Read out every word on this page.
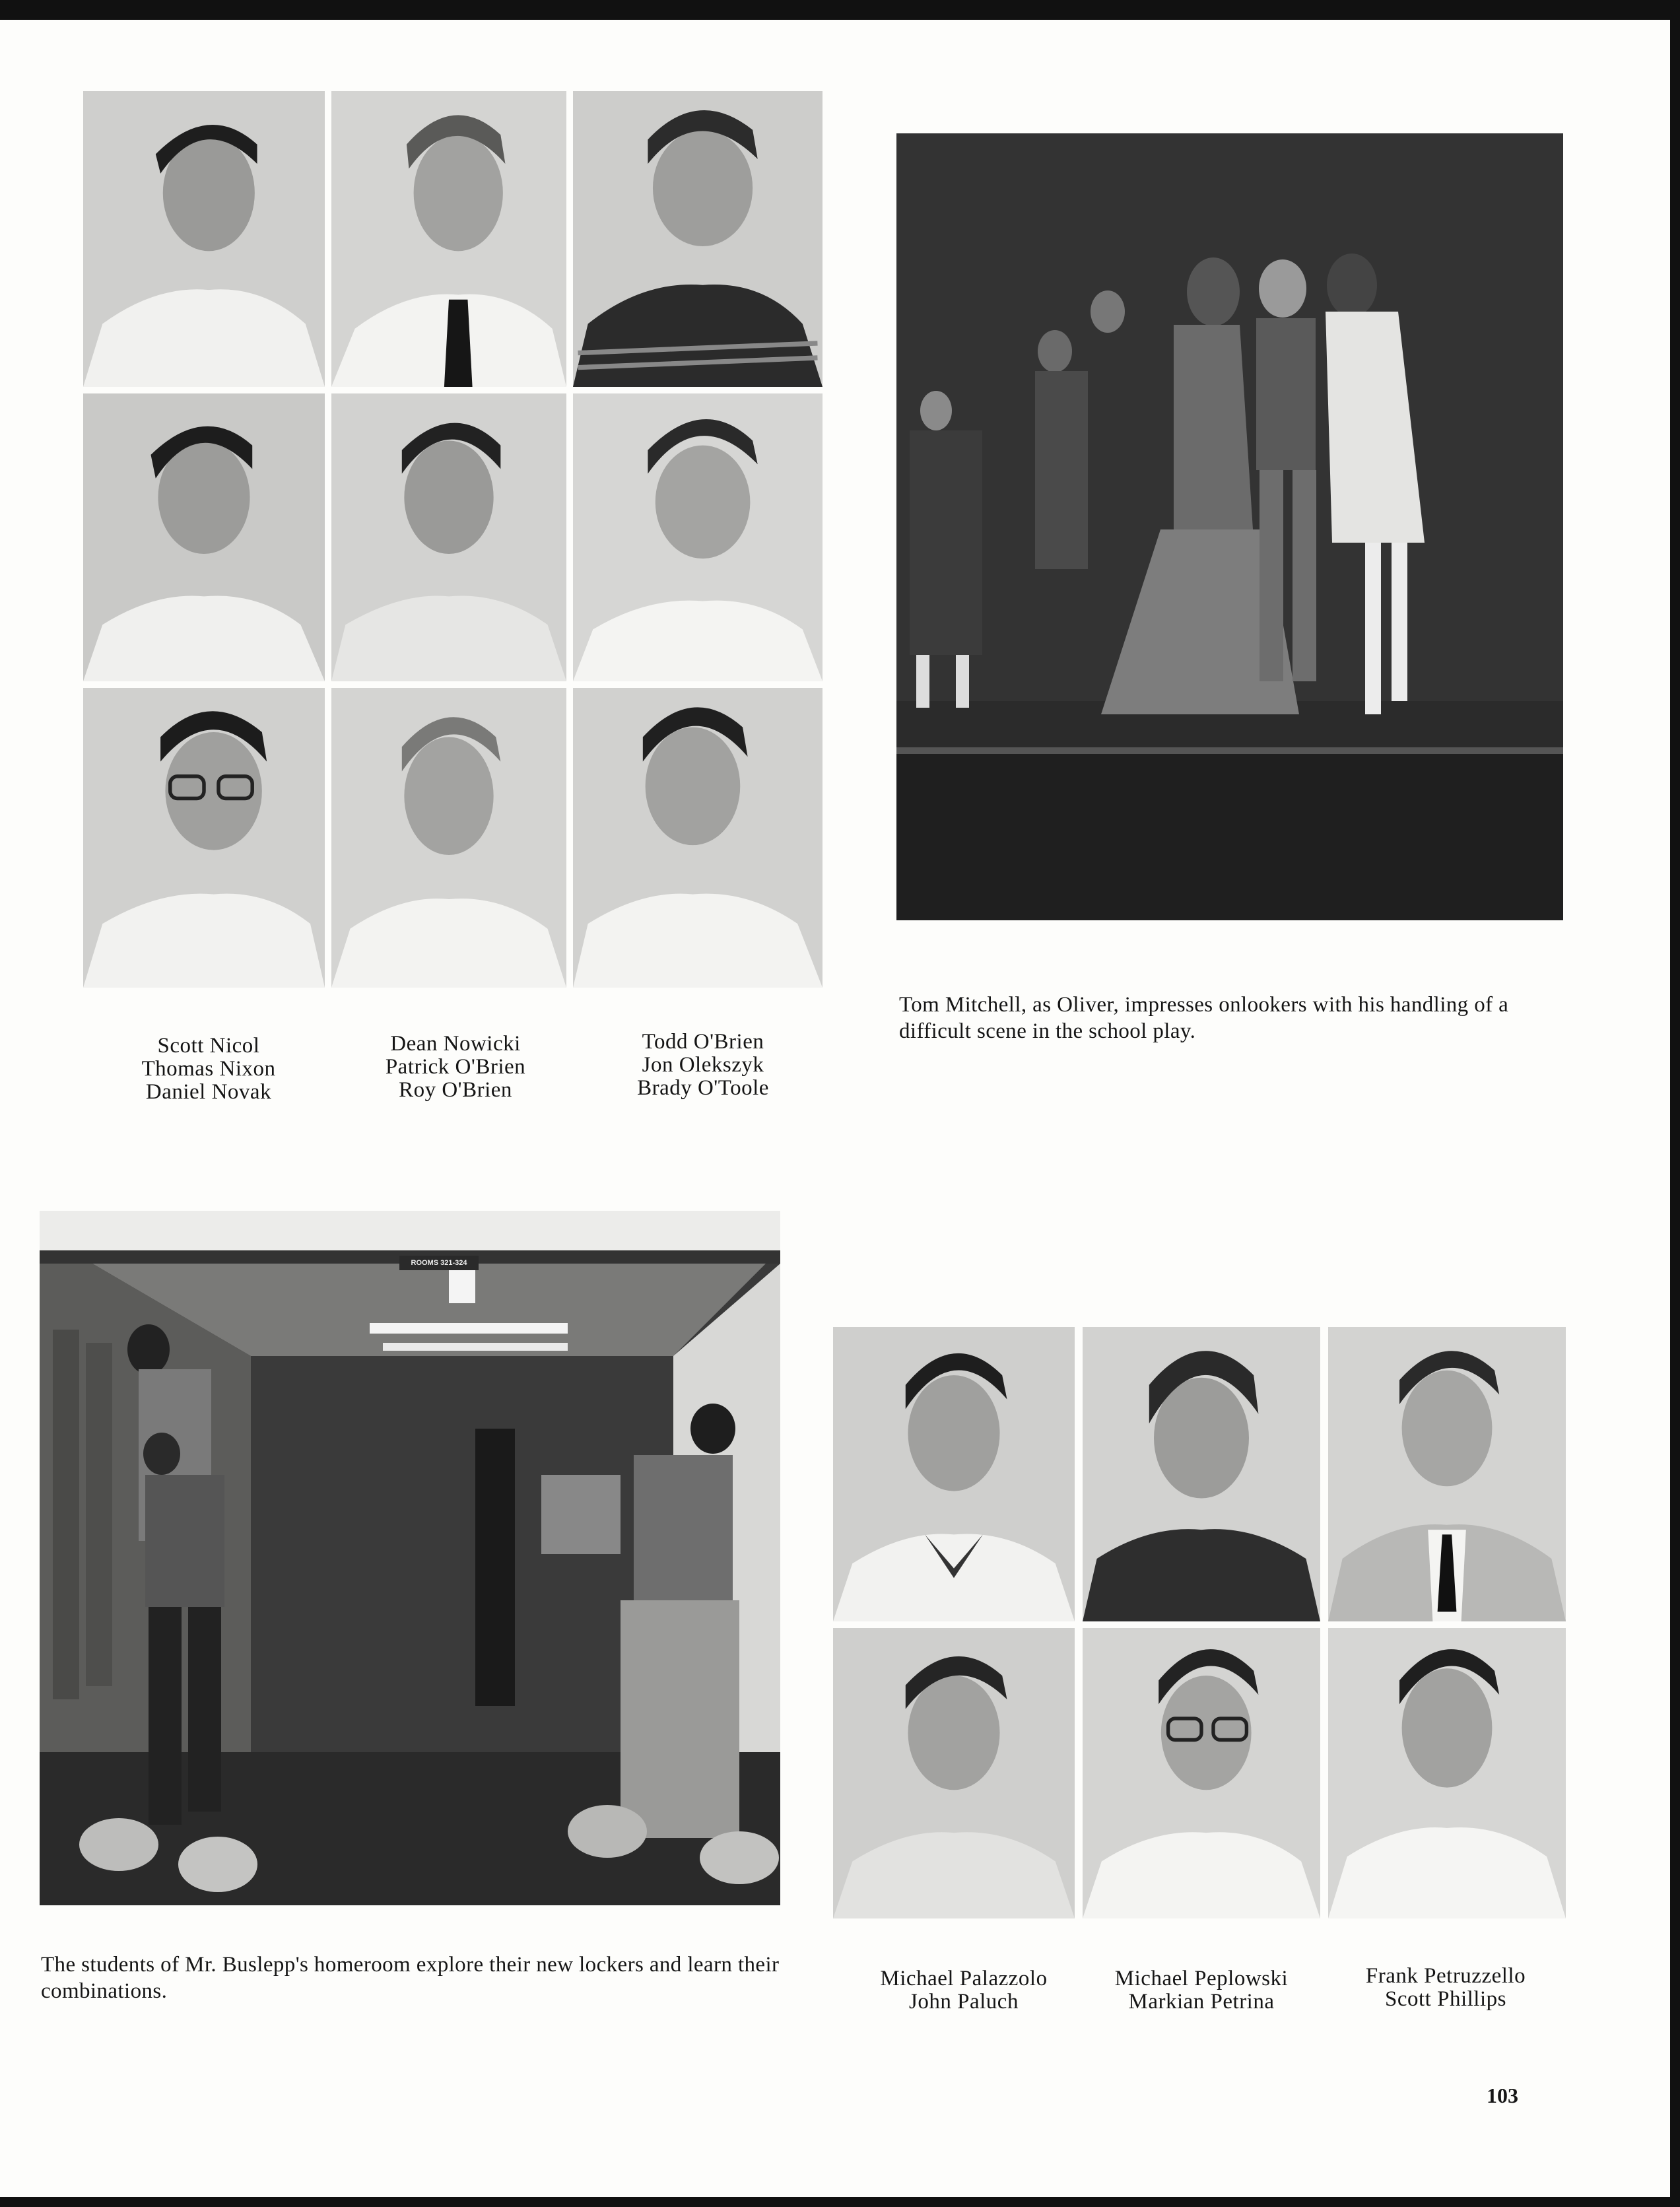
Scott Nicol
Thomas Nixon
Daniel Novak
Dean Nowicki
Patrick O'Brien
Roy O'Brien
Todd O'Brien
Jon Olekszyk
Brady O'Toole
Tom Mitchell, as Oliver, impresses onlookers with his handling of a difficult scene in the school play.
ROOMS 321-324
The students of Mr. Buslepp's homeroom explore their new lockers and learn their combinations.
Michael Palazzolo
John Paluch
Michael Peplowski
Markian Petrina
Frank Petruzzello
Scott Phillips
103
